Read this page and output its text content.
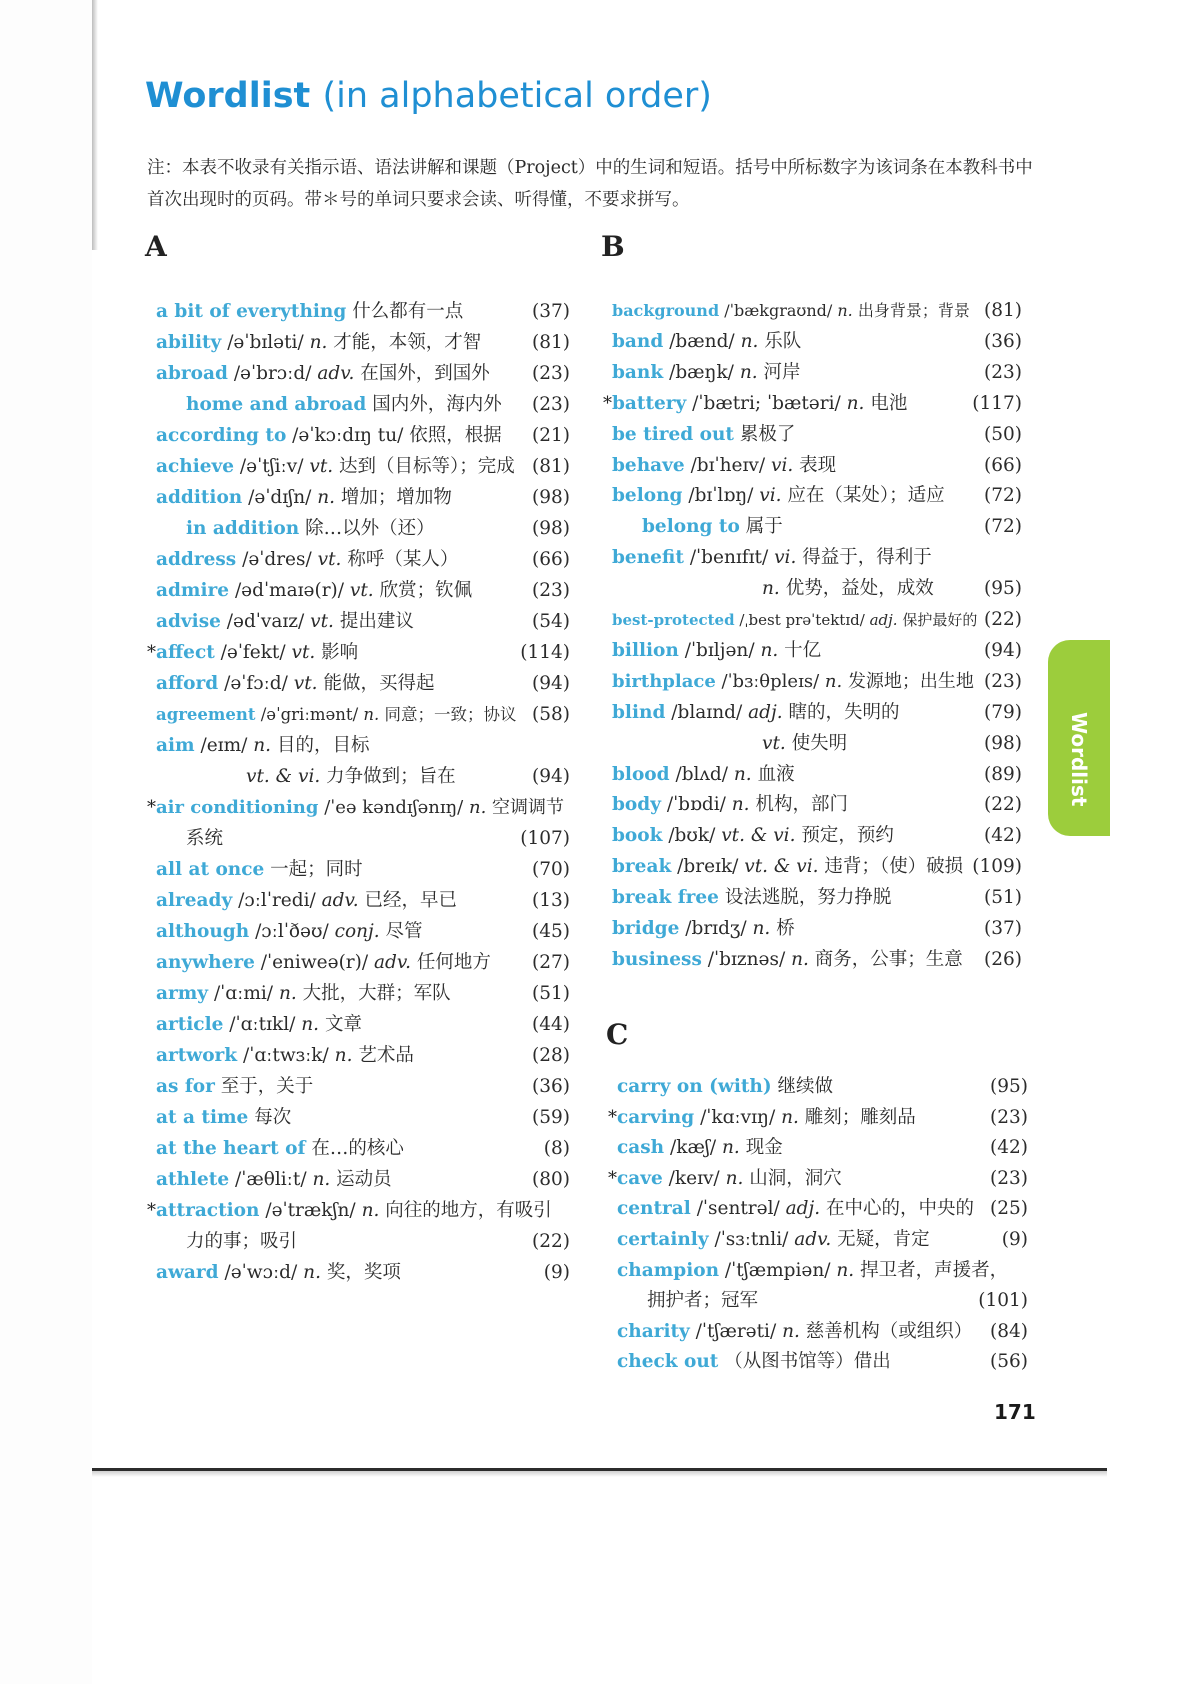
Wordlist (in alphabetical order)

注：本表不收录有关指示语、语法讲解和课题（Project）中的生词和短语。括号中所标数字为该词条在本教科书中首次出现时的页码。带＊号的单词只要求会读、听得懂，不要求拼写。

A	B
C
a bit of everything 什么都有一点	(37)
ability /əˈbɪləti/ n. 才能，本领，才智	(81)
abroad /əˈbrɔːd/ adv. 在国外，到国外 (23)
home and abroad 国内外，海内外 (23)
according to /əˈkɔːdɪŋ tu/ 依照，根据 (21)
achieve /əˈtʃiːv/ vt. 达到（目标等）；完成 (81)
addition /əˈdɪʃn/ n. 增加；增加物	(98)
in addition 除…以外（还）	(98)
address /əˈdres/ vt. 称呼（某人）	(66)
admire /ədˈmaɪə(r)/ vt. 欣赏；钦佩	(23)
advise /ədˈvaɪz/ vt. 提出建议	(54)
* affect /əˈfekt/ vt. 影响	(114)
afford /əˈfɔːd/ vt. 能做，买得起	(94)
agreement /əˈgriːmənt/ n. 同意；一致；协议 (58)
aim /eɪm/ n. 目的，目标
vt. & vi. 力争做到；旨在	(94)
* air conditioning /ˈeə kəndɪʃənɪŋ/ n. 空调调节
系统	(107)
all at once 一起；同时	(70)
already /ɔːlˈredi/ adv. 已经，早已	(13)
although /ɔːlˈðəʊ/ conj. 尽管	(45)
anywhere /ˈeniweə(r)/ adv. 任何地方 (27)
army /ˈɑːmi/ n. 大批，大群；军队	(51)
article /ˈɑːtɪkl/ n. 文章	(44)
artwork /ˈɑːtwɜːk/ n. 艺术品	(28)
as for 至于，关于	(36)
at a time 每次	(59)
at the heart of 在…的核心	(8)
athlete /ˈæθliːt/ n. 运动员	(80)
* attraction /əˈtrækʃn/ n. 向往的地方，有吸引
力的事；吸引	(22)
award /əˈwɔːd/ n. 奖，奖项	(9)
background /ˈbækgraʊnd/ n. 出身背景；背景 (81)
band /bænd/ n. 乐队	(36)
bank /bæŋk/ n. 河岸	(23)
* battery /ˈbætri; ˈbætəri/ n. 电池	(117)
be tired out 累极了	(50)
behave /bɪˈheɪv/ vi. 表现	(66)
belong /bɪˈlɒŋ/ vi. 应在（某处）；适应 (72)
belong to 属于	(72)
benefit /ˈbenɪfɪt/ vi. 得益于，得利于
n. 优势，益处，成效	(95)
best-protected /ˌbest prəˈtektɪd/ adj. 保护最好的 (22)
billion /ˈbɪljən/ n. 十亿	(94)
birthplace /ˈbɜːθpleɪs/ n. 发源地；出生地 (23)
blind /blaɪnd/ adj. 瞎的，失明的	(79)
vt. 使失明	(98)
blood /blʌd/ n. 血液	(89)
body /ˈbɒdi/ n. 机构，部门	(22)
book /bʊk/ vt. & vi. 预定，预约	(42)
break /breɪk/ vt. & vi. 违背；（使）破损 (109)
break free 设法逃脱，努力挣脱	(51)
bridge /brɪdʒ/ n. 桥	(37)
business /ˈbɪznəs/ n. 商务，公事；生意 (26)
carry on (with) 继续做	(95)
* carving /ˈkɑːvɪŋ/ n. 雕刻；雕刻品	(23)
cash /kæʃ/ n. 现金	(42)
* cave /keɪv/ n. 山洞，洞穴	(23)
central /ˈsentrəl/ adj. 在中心的，中央的 (25)
certainly /ˈsɜːtnli/ adv. 无疑，肯定	(9)
champion /ˈtʃæmpiən/ n. 捍卫者，声援者，
拥护者；冠军	(101)
charity /ˈtʃærəti/ n. 慈善机构（或组织） (84)
check out （从图书馆等）借出	(56)
Wordlist
171
